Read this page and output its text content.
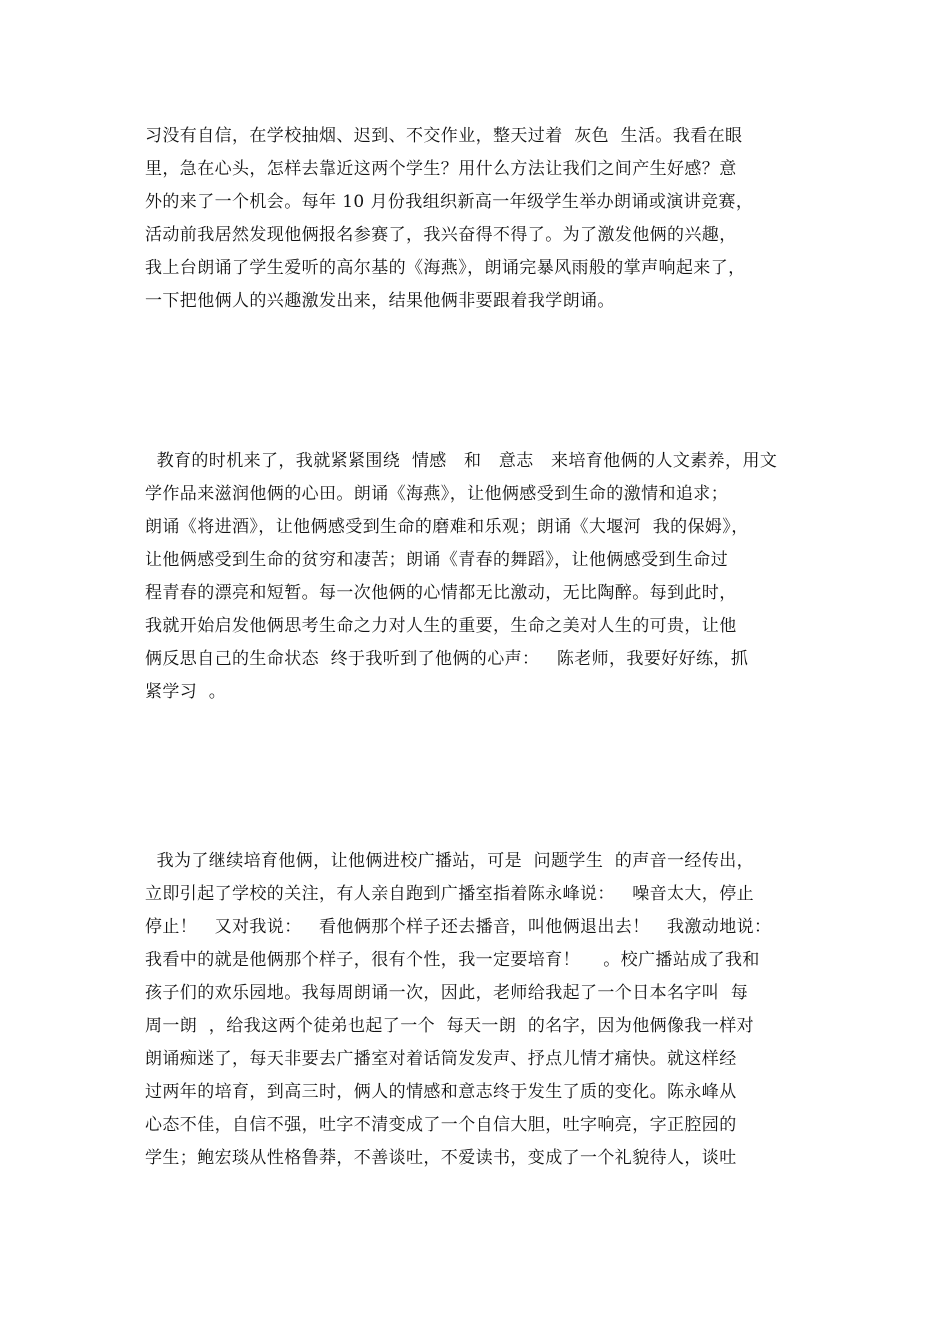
习没有自信，在学校抽烟、迟到、不交作业，整天过着  灰色  生活。我看在眼
里，急在心头，怎样去靠近这两个学生？用什么方法让我们之间产生好感？意
外的来了一个机会。每年 10 月份我组织新高一年级学生举办朗诵或演讲竞赛，
活动前我居然发现他俩报名参赛了，我兴奋得不得了。为了激发他俩的兴趣，
我上台朗诵了学生爱听的高尔基的《海燕》，朗诵完暴风雨般的掌声响起来了，
一下把他俩人的兴趣激发出来，结果他俩非要跟着我学朗诵。
教育的时机来了，我就紧紧围绕  情感   和   意志   来培育他俩的人文素养，用文
学作品来滋润他俩的心田。朗诵《海燕》，让他俩感受到生命的激情和追求；
朗诵《将进酒》，让他俩感受到生命的磨难和乐观；朗诵《大堰河  我的保姆》，
让他俩感受到生命的贫穷和凄苦；朗诵《青春的舞蹈》，让他俩感受到生命过
程青春的漂亮和短暂。每一次他俩的心情都无比激动，无比陶醉。每到此时，
我就开始启发他俩思考生命之力对人生的重要，生命之美对人生的可贵，让他
俩反思自己的生命状态  终于我听到了他俩的心声：   陈老师，我要好好练，抓
紧学习  。
我为了继续培育他俩，让他俩进校广播站，可是  问题学生  的声音一经传出，
立即引起了学校的关注，有人亲自跑到广播室指着陈永峰说：   噪音太大，停止
停止！   又对我说：   看他俩那个样子还去播音，叫他俩退出去！   我激动地说：
我看中的就是他俩那个样子，很有个性，我一定要培育！    。校广播站成了我和
孩子们的欢乐园地。我每周朗诵一次，因此，老师给我起了一个日本名字叫  每
周一朗  ，给我这两个徒弟也起了一个  每天一朗  的名字，因为他俩像我一样对
朗诵痴迷了，每天非要去广播室对着话筒发发声、抒点儿情才痛快。就这样经
过两年的培育，到高三时，俩人的情感和意志终于发生了质的变化。陈永峰从
心态不佳，自信不强，吐字不清变成了一个自信大胆，吐字响亮，字正腔园的
学生；鲍宏琰从性格鲁莽，不善谈吐，不爱读书，变成了一个礼貌待人，谈吐
